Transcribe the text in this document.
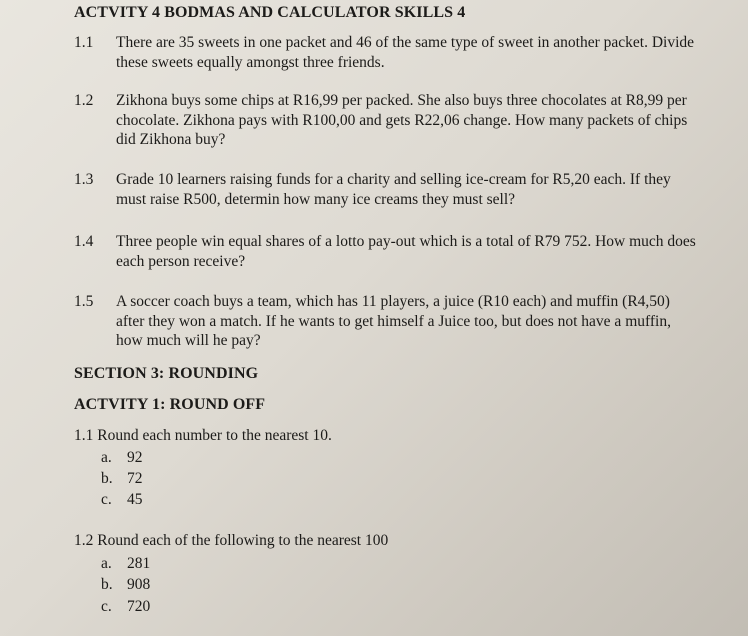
ACTVITY 4 BODMAS AND CALCULATOR SKILLS 4
1.1 There are 35 sweets in one packet and 46 of the same type of sweet in another packet. Divide these sweets equally amongst three friends.
1.2 Zikhona buys some chips at R16,99 per packed. She also buys three chocolates at R8,99 per chocolate. Zikhona pays with R100,00 and gets R22,06 change. How many packets of chips did Zikhona buy?
1.3 Grade 10 learners raising funds for a charity and selling ice-cream for R5,20 each. If they must raise R500, determin how many ice creams they must sell?
1.4 Three people win equal shares of a lotto pay-out which is a total of R79 752. How much does each person receive?
1.5 A soccer coach buys a team, which has 11 players, a juice (R10 each) and muffin (R4,50) after they won a match. If he wants to get himself a Juice too, but does not have a muffin, how much will he pay?
SECTION 3: ROUNDING
ACTVITY 1: ROUND OFF
1.1 Round each number to the nearest 10.
a. 92
b. 72
c. 45
1.2 Round each of the following to the nearest 100
a. 281
b. 908
c. 720
